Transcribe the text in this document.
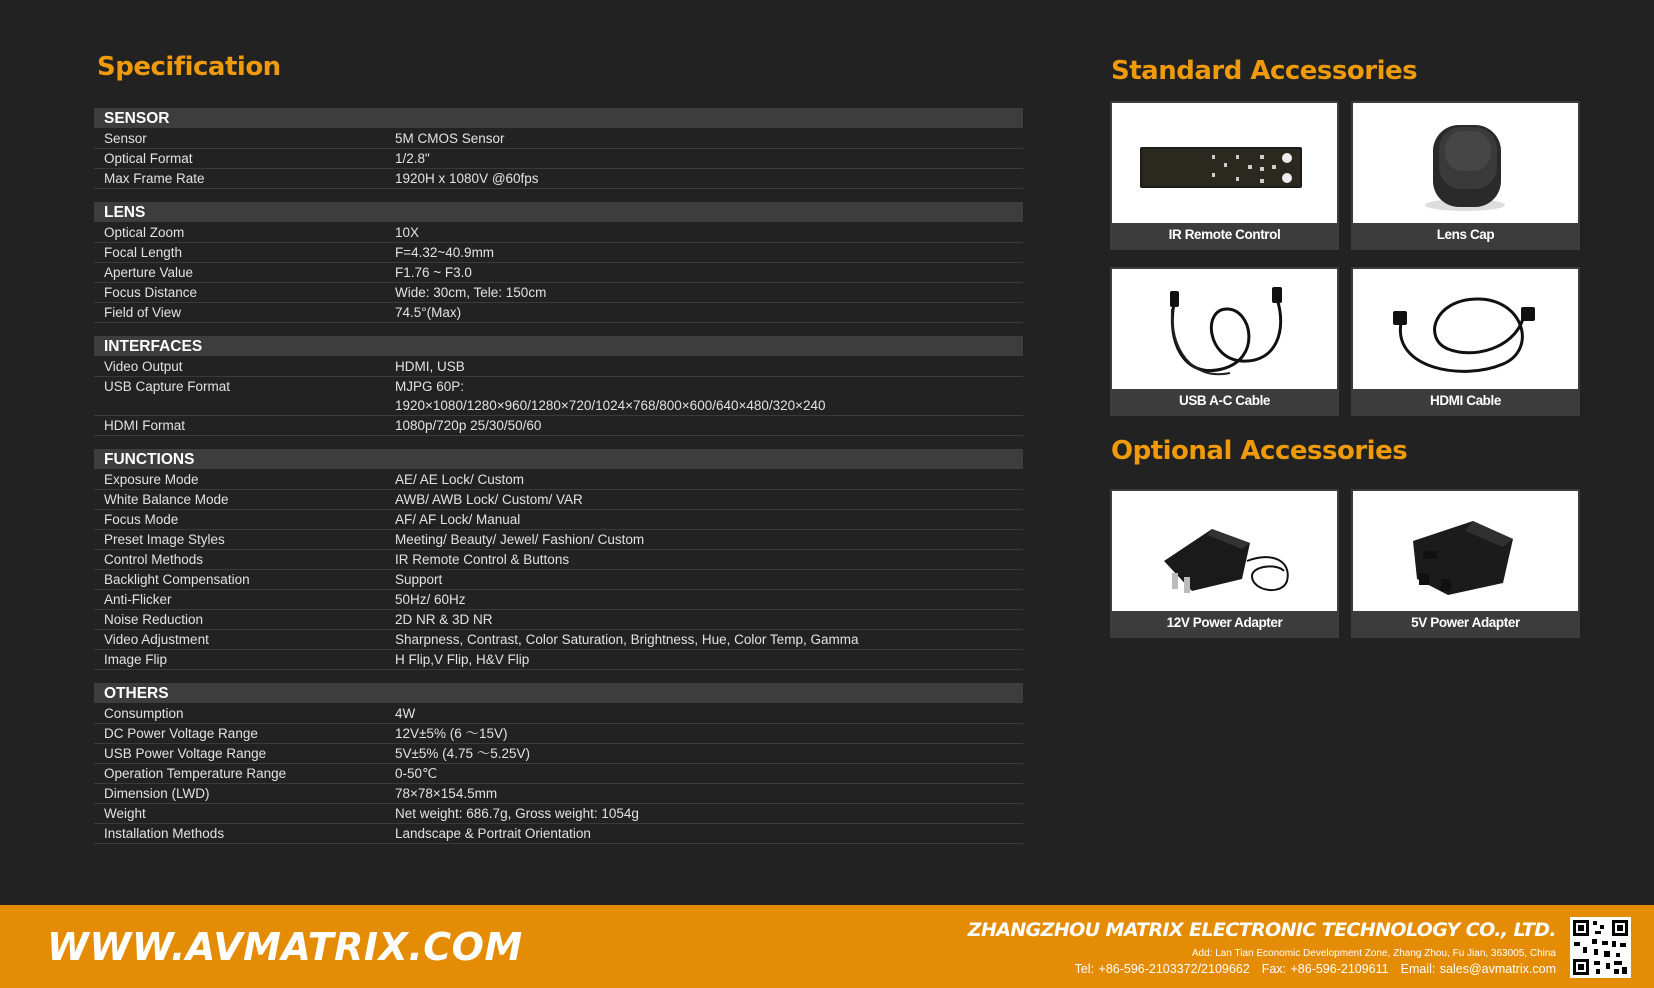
Specification
SENSOR
Sensor	5M CMOS Sensor
Optical Format	1/2.8"
Max Frame Rate	1920H x 1080V @60fps
LENS
Optical Zoom	10X
Focal Length	F=4.32~40.9mm
Aperture Value	F1.76 ~ F3.0
Focus Distance	Wide: 30cm, Tele: 150cm
Field of View	74.5°(Max)
INTERFACES
Video Output	HDMI, USB
USB Capture Format	MJPG 60P:
1920×1080/1280×960/1280×720/1024×768/800×600/640×480/320×240
HDMI Format	1080p/720p 25/30/50/60
FUNCTIONS
Exposure Mode	AE/ AE Lock/ Custom
White Balance Mode	AWB/ AWB Lock/ Custom/ VAR
Focus Mode	AF/ AF Lock/ Manual
Preset Image Styles	Meeting/ Beauty/ Jewel/ Fashion/ Custom
Control Methods	IR Remote Control & Buttons
Backlight Compensation	Support
Anti-Flicker	50Hz/ 60Hz
Noise Reduction	2D NR & 3D NR
Video Adjustment	Sharpness, Contrast, Color Saturation, Brightness, Hue, Color Temp, Gamma
Image Flip	H Flip,V Flip, H&V Flip
OTHERS
Consumption	4W
DC Power Voltage Range	12V±5% (6 ～15V)
USB Power Voltage Range	5V±5% (4.75 ～5.25V)
Operation Temperature Range	0-50℃
Dimension (LWD)	78×78×154.5mm
Weight	Net weight: 686.7g, Gross weight: 1054g
Installation Methods	Landscape & Portrait Orientation
Standard Accessories
IR Remote Control	Lens Cap
USB A-C Cable	HDMI Cable
Optional Accessories
12V Power Adapter	5V Power Adapter
WWW.AVMATRIX.COM	ZHANGZHOU MATRIX ELECTRONIC TECHNOLOGY CO., LTD.
Add: Lan Tian Economic Development Zone, Zhang Zhou, Fu Jian, 363005, China
Tel: +86-596-2103372/2109662 Fax: +86-596-2109611 Email: sales@avmatrix.com
